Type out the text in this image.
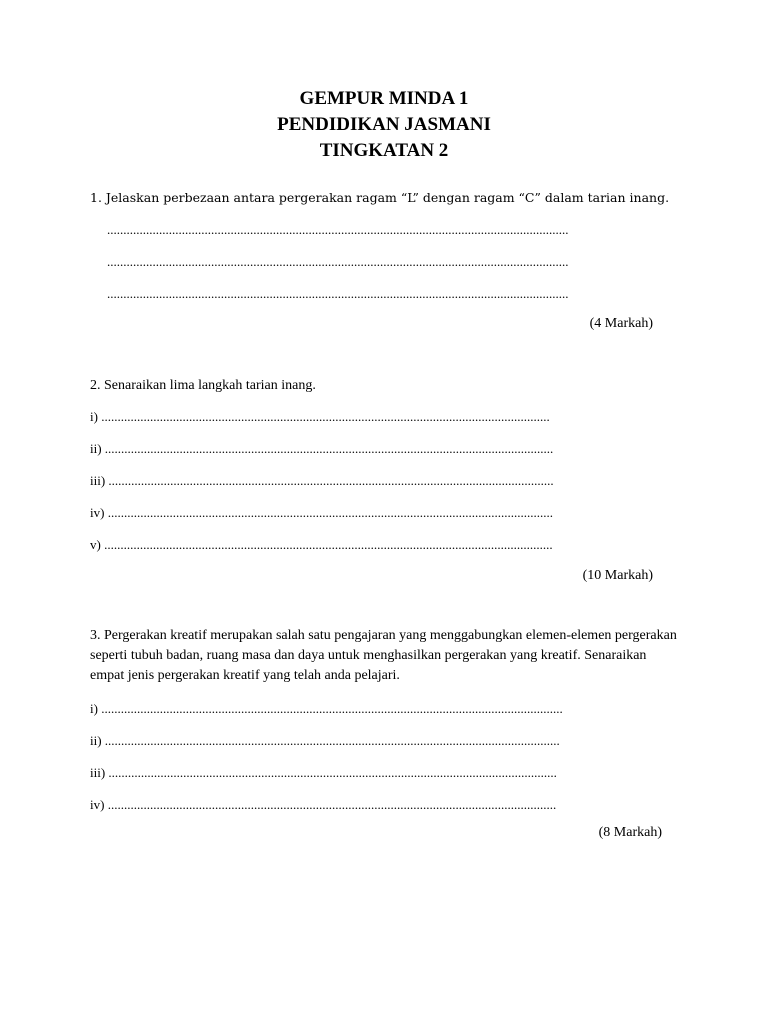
GEMPUR MINDA 1
PENDIDIKAN JASMANI
TINGKATAN 2
1. Jelaskan perbezaan antara pergerakan ragam “L” dengan ragam “C” dalam tarian inang.
..............................................................................................................................................
..............................................................................................................................................
..............................................................................................................................................
(4 Markah)
2. Senaraikan lima langkah tarian inang.
i) ..........................................................................................................................................
ii) ..........................................................................................................................................
iii) .........................................................................................................................................
iv) .........................................................................................................................................
v) ..........................................................................................................................................
(10 Markah)
3. Pergerakan kreatif merupakan salah satu pengajaran yang menggabungkan elemen-elemen pergerakan seperti tubuh badan, ruang masa dan daya untuk menghasilkan pergerakan yang kreatif. Senaraikan empat jenis pergerakan kreatif yang telah anda pelajari.
i) ..............................................................................................................................................
ii) ............................................................................................................................................
iii) ..........................................................................................................................................
iv) ..........................................................................................................................................
(8 Markah)
